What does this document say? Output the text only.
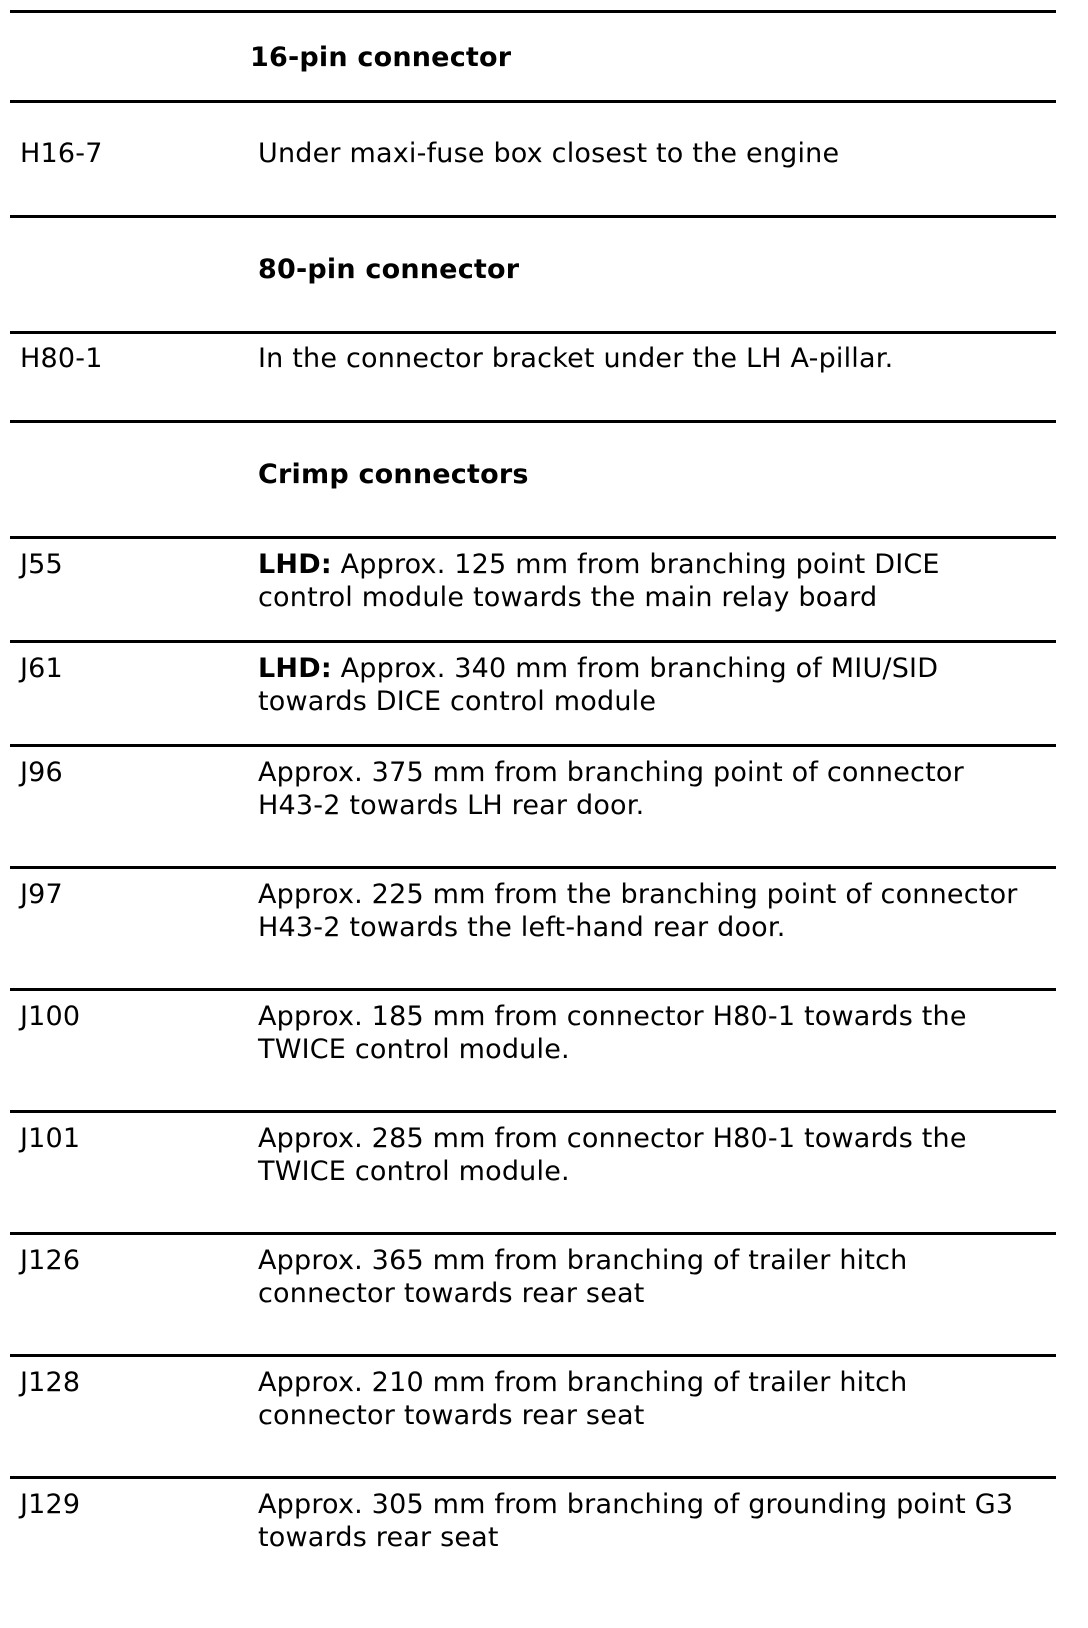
16-pin connector
H16-7	Under maxi-fuse box closest to the engine
80-pin connector
H80-1	In the connector bracket under the LH A-pillar.
Crimp connectors
J55	LHD: Approx. 125 mm from branching point DICE
control module towards the main relay board
J61	LHD: Approx. 340 mm from branching of MIU/SID
towards DICE control module
J96	Approx. 375 mm from branching point of connector
H43-2 towards LH rear door.
J97	Approx. 225 mm from the branching point of connector
H43-2 towards the left-hand rear door.
J100	Approx. 185 mm from connector H80-1 towards the
TWICE control module.
J101	Approx. 285 mm from connector H80-1 towards the
TWICE control module.
J126	Approx. 365 mm from branching of trailer hitch
connector towards rear seat
J128	Approx. 210 mm from branching of trailer hitch
connector towards rear seat
J129	Approx. 305 mm from branching of grounding point G3
towards rear seat
